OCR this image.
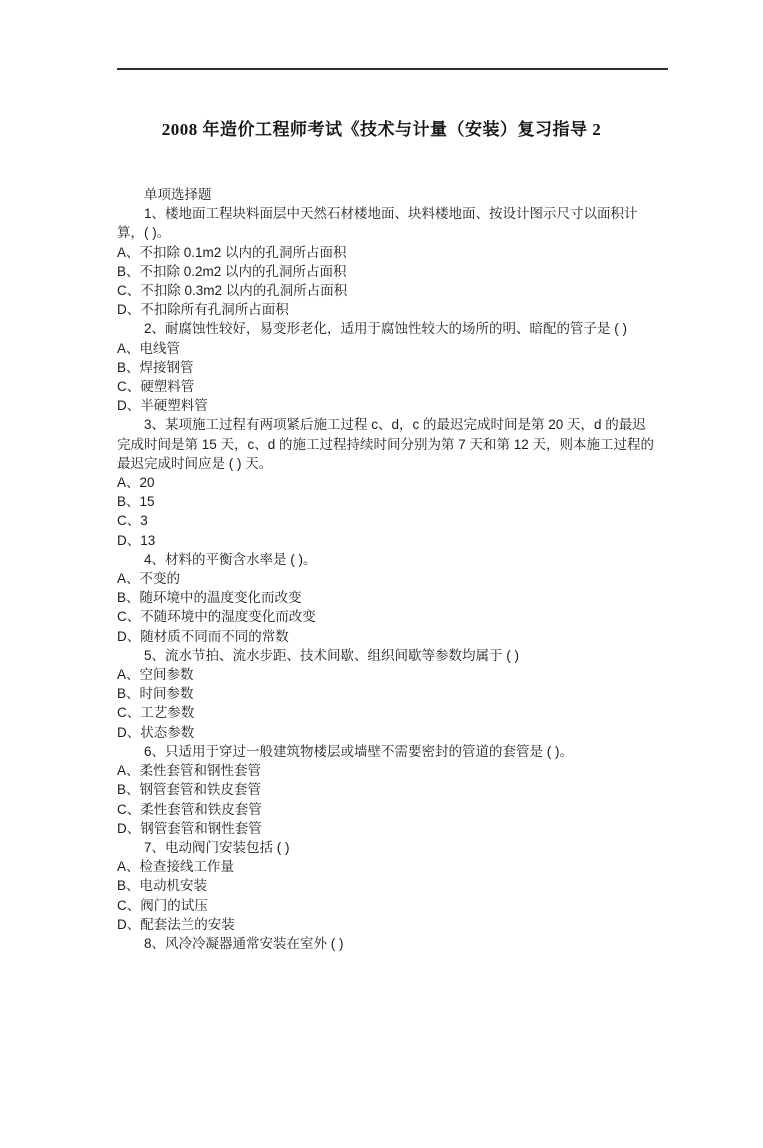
2008 年造价工程师考试《技术与计量（安装）复习指导 2

单项选择题

1、楼地面工程块料面层中天然石材楼地面、块料楼地面、按设计图示尺寸以面积计算，( )。

A、不扣除 0.1m2 以内的孔洞所占面积

B、不扣除 0.2m2 以内的孔洞所占面积

C、不扣除 0.3m2 以内的孔洞所占面积

D、不扣除所有孔洞所占面积

2、耐腐蚀性较好，易变形老化，适用于腐蚀性较大的场所的明、暗配的管子是 ( )

A、电线管

B、焊接钢管

C、硬塑料管

D、半硬塑料管

3、某项施工过程有两项紧后施工过程 c、d，c 的最迟完成时间是第 20 天，d 的最迟完成时间是第 15 天，c、d 的施工过程持续时间分别为第 7 天和第 12 天，则本施工过程的最迟完成时间应是 ( ) 天。

A、20

B、15

C、3

D、13

4、材料的平衡含水率是 ( )。

A、不变的

B、随环境中的温度变化而改变

C、不随环境中的湿度变化而改变

D、随材质不同而不同的常数

5、流水节拍、流水步距、技术间歇、组织间歇等参数均属于 ( )

A、空间参数

B、时间参数

C、工艺参数

D、状态参数

6、只适用于穿过一般建筑物楼层或墙壁不需要密封的管道的套管是 ( )。

A、柔性套管和钢性套管

B、钢管套管和铁皮套管

C、柔性套管和铁皮套管

D、钢管套管和钢性套管

7、电动阀门安装包括 ( )

A、检查接线工作量

B、电动机安装

C、阀门的试压

D、配套法兰的安装

8、风冷冷凝器通常安装在室外 ( )
